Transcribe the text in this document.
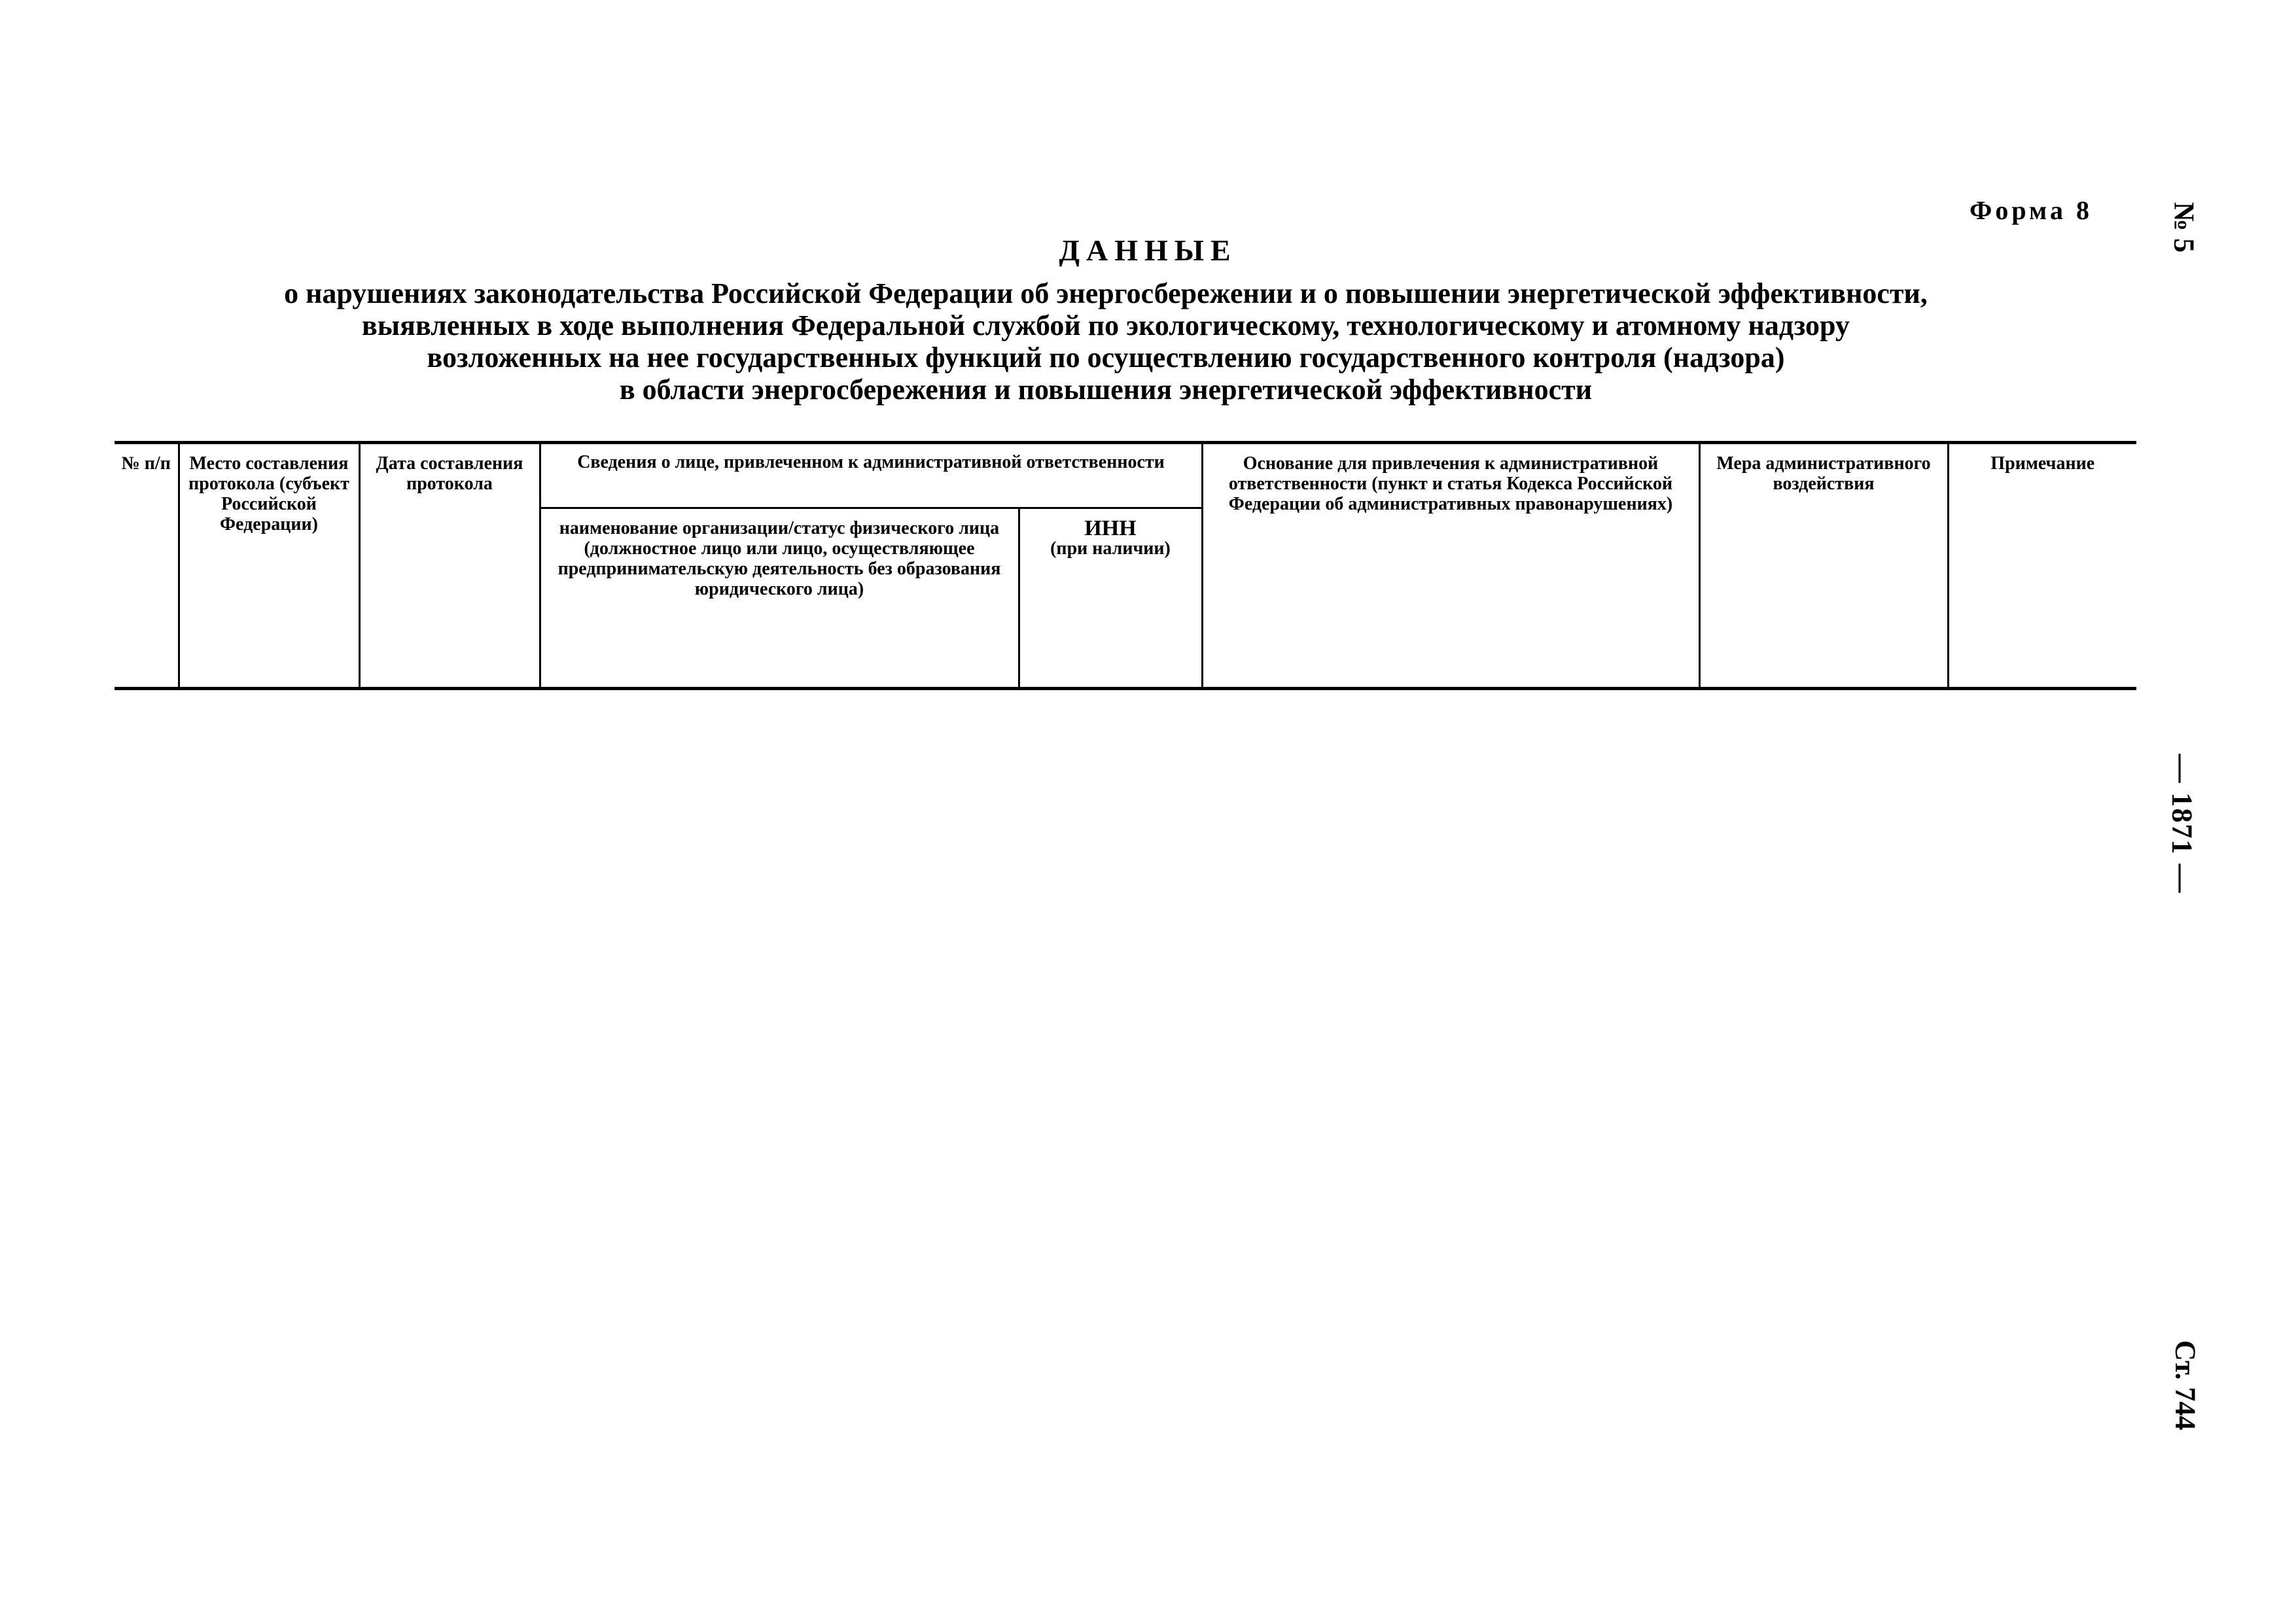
Форма 8	№ 5
— 1871 —
Ст. 744
ДАННЫЕ
о нарушениях законодательства Российской Федерации об энергосбережении и о повышении энергетической эффективности,
выявленных в ходе выполнения Федеральной службой по экологическому, технологическому и атомному надзору
возложенных на нее государственных функций по осуществлению государственного контроля (надзора)
в области энергосбережения и повышения энергетической эффективности
№ п/п	Место составления протокола (субъект Российской Федерации)	Дата составления протокола	Сведения о лице, привлеченном к административной ответственности		Основание для привлечения к административной ответственности (пункт и статья Кодекса Российской Федерации об административных правонарушениях)	Мера административного воздействия	Примечание
			наименование организации/статус физического лица (должностное лицо или лицо, осуществляющее предпринимательскую деятельность без образования юридического лица)	ИНН
(при наличии)			
